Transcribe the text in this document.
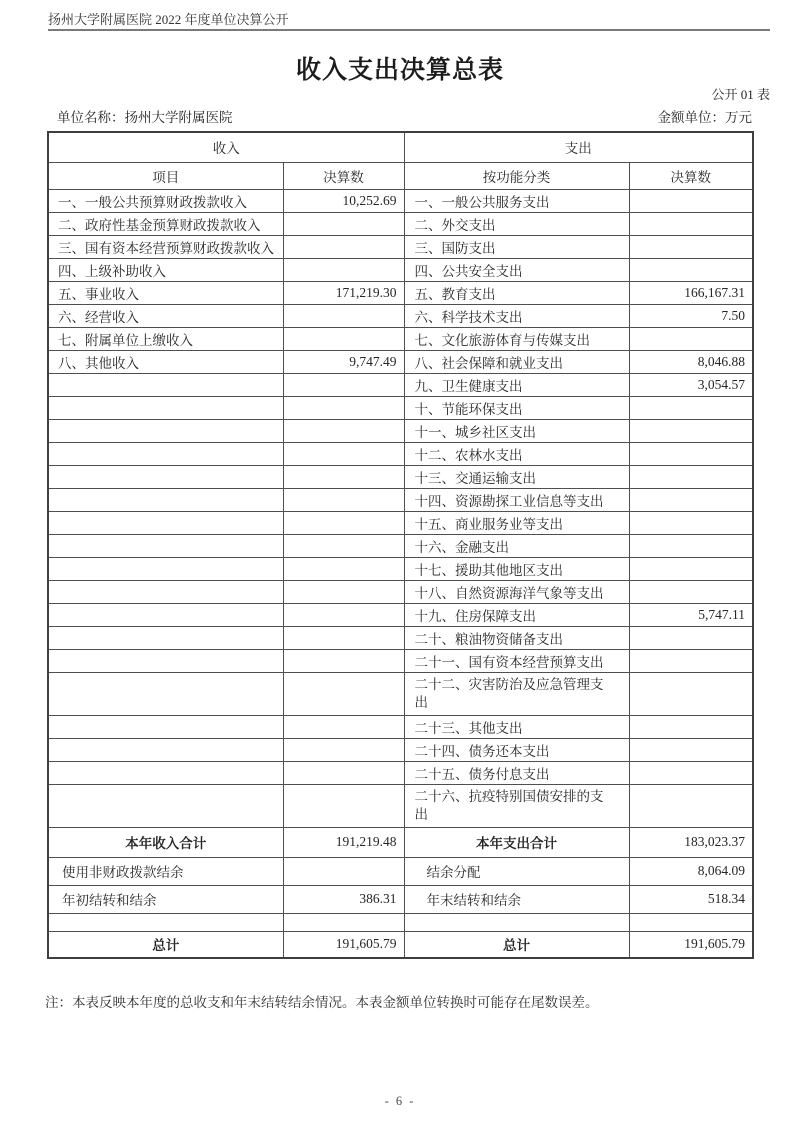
扬州大学附属医院 2022 年度单位决算公开
收入支出决算总表
公开 01 表
单位名称：扬州大学附属医院	金额单位：万元
收入		支出	
项目	决算数	按功能分类	决算数
一、一般公共预算财政拨款收入	10,252.69	一、一般公共服务支出	
二、政府性基金预算财政拨款收入		二、外交支出	
三、国有资本经营预算财政拨款收入		三、国防支出	
四、上级补助收入		四、公共安全支出	
五、事业收入	171,219.30	五、教育支出	166,167.31
六、经营收入		六、科学技术支出	7.50
七、附属单位上缴收入		七、文化旅游体育与传媒支出	
八、其他收入	9,747.49	八、社会保障和就业支出	8,046.88
		九、卫生健康支出	3,054.57
		十、节能环保支出	
		十一、城乡社区支出	
		十二、农林水支出	
		十三、交通运输支出	
		十四、资源勘探工业信息等支出	
		十五、商业服务业等支出	
		十六、金融支出	
		十七、援助其他地区支出	
		十八、自然资源海洋气象等支出	
		十九、住房保障支出	5,747.11
		二十、粮油物资储备支出	
		二十一、国有资本经营预算支出	
		二十二、灾害防治及应急管理支出	
		二十三、其他支出	
		二十四、债务还本支出	
		二十五、债务付息支出	
		二十六、抗疫特别国债安排的支出	
本年收入合计	191,219.48	本年支出合计	183,023.37
使用非财政拨款结余		结余分配	8,064.09
年初结转和结余	386.31	年末结转和结余	518.34

总计	191,605.79	总计	191,605.79
注：本表反映本年度的总收支和年末结转结余情况。本表金额单位转换时可能存在尾数误差。
- 6 -
